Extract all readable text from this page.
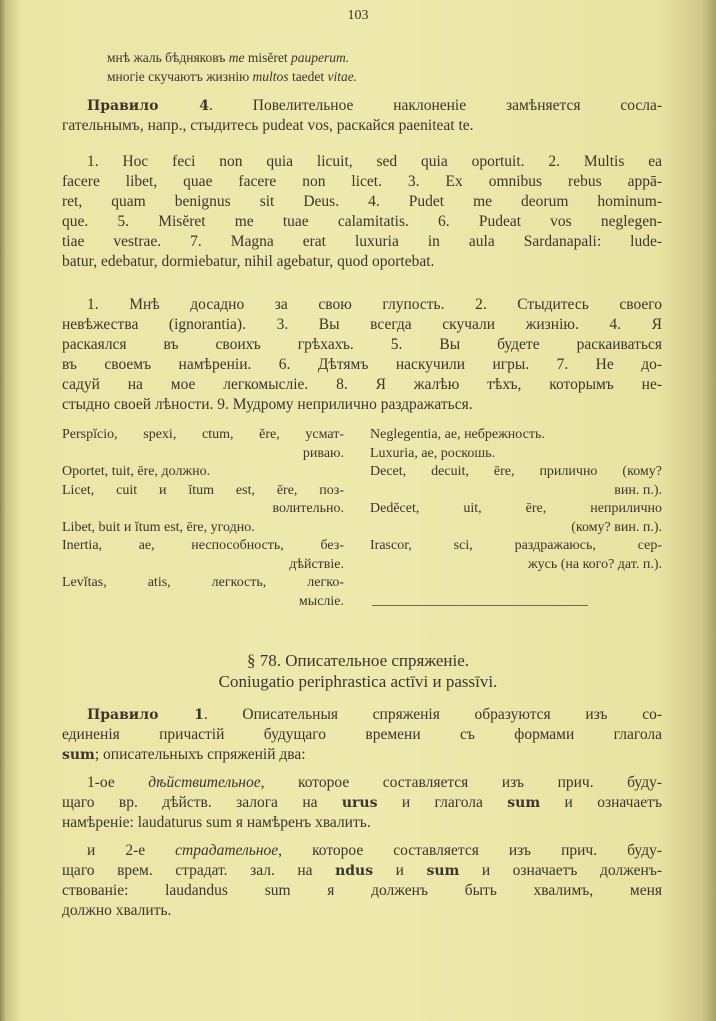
103
мнѣ жаль бѣдняковъ me misĕret pauperum.
многіе скучаютъ жизнію multos taedet vitae.
Правило 4. Повелительное наклоненіе замѣняется сосла-
гательнымъ, напр., стыдитесь pudeat vos, раскайся paeniteat te.
1. Hoc feci non quia licuit, sed quia oportuit. 2. Multis ea
facere libet, quae facere non licet. 3. Ex omnibus rebus appā-
ret, quam benignus sit Deus. 4. Pudet me deorum hominum-
que. 5. Misĕret me tuae calamitatis. 6. Pudeat vos neglegen-
tiae vestrae. 7. Magna erat luxuria in aula Sardanapali: lude-
batur, edebatur, dormiebatur, nihil agebatur, quod oportebat.
1. Мнѣ досадно за свою глупость. 2. Стыдитесь своего
невѣжества (ignorantia). 3. Вы всегда скучали жизнію. 4. Я
раскаялся въ своихъ грѣхахъ. 5. Вы будете раскаиваться
въ своемъ намѣреніи. 6. Дѣтямъ наскучили игры. 7. Не до-
садуй на мое легкомысліе. 8. Я жалѣю тѣхъ, которымъ не-
стыдно своей лѣности. 9. Мудрому неприлично раздражаться.
Perspĭcio, spexi, ctum, ĕre, усмат-
риваю.
Oportet, tuit, ēre, должно.
Licet, cuit и ĭtum est, ēre, поз-
волительно.
Libet, buit и ĭtum est, ēre, угодно.
Inertia, ae, неспособность, без-
дѣйствіе.
Levĭtas, atis, легкость, легко-
мысліе.
Neglegentia, ae, небрежность.
Luxuria, ae, роскошь.
Decet, decuit, ēre, прилично (кому?
вин. п.).
Dedĕcet, uit, ēre, неприлично
(кому? вин. п.).
Irascor, sci, раздражаюсь, сер-
жусь (на кого? дат. п.).
§ 78. Описательное спряженіе.
Coniugatio periphrastica actīvi и passīvi.
Правило 1. Описательныя спряженія образуются изъ со-
единенія причастій будущаго времени съ формами глагола
sum; описательныхъ спряженій два:
1-ое дѣйствительное, которое составляется изъ прич. буду-
щаго вр. дѣйств. залога на urus и глагола sum и означаетъ
намѣреніе: laudaturus sum я намѣренъ хвалить.
и 2-е страдательное, которое составляется изъ прич. буду-
щаго врем. страдат. зал. на ndus и sum и означаетъ долженъ-
ствованіе: laudandus sum я долженъ быть хвалимъ, меня
должно хвалить.
